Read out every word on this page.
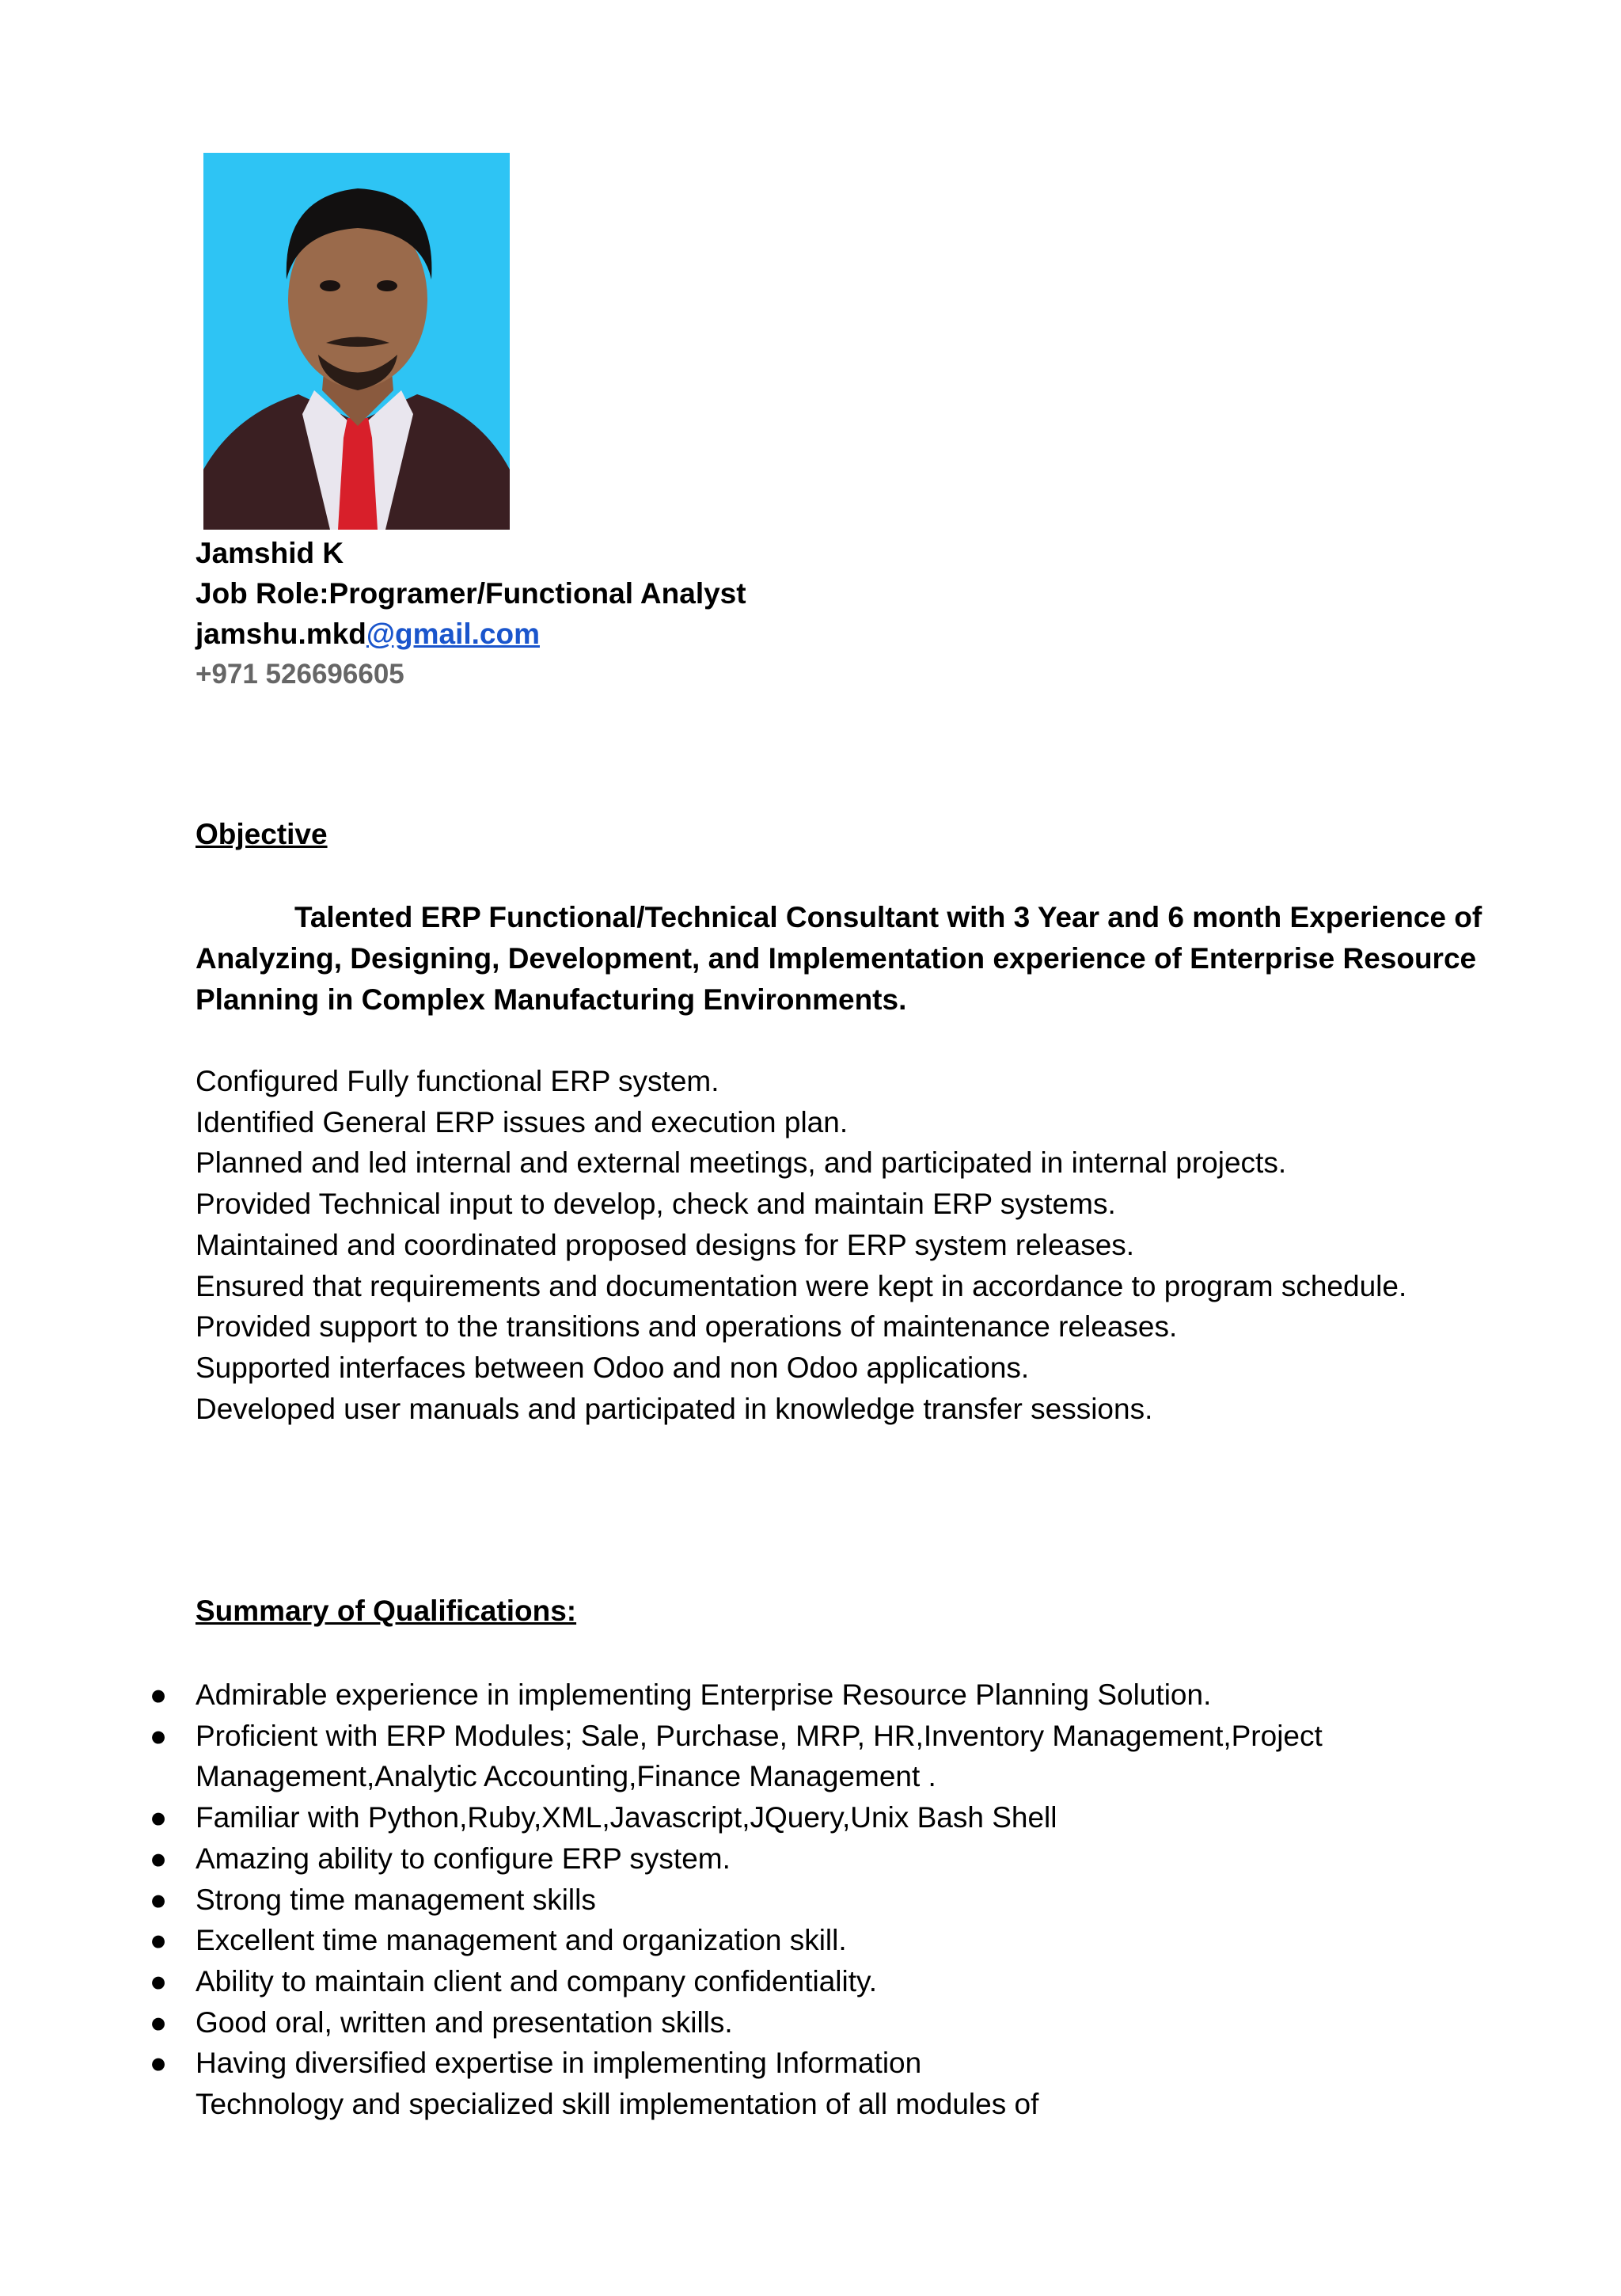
Jamshid K
Job Role:Programer/Functional Analyst
jamshu.mkd@gmail.com
+971 526696605
Objective
Talented ERP Functional/Technical Consultant with 3 Year and 6 month Experience of Analyzing, Designing, Development, and Implementation experience of Enterprise Resource Planning in Complex Manufacturing Environments.
Configured Fully functional ERP system.
Identified General ERP issues and execution plan.
Planned and led internal and external meetings, and participated in internal projects.
Provided Technical input to develop, check and maintain ERP systems.
Maintained and coordinated proposed designs for ERP system releases.
Ensured that requirements and documentation were kept in accordance to program schedule.
Provided support to the transitions and operations of maintenance releases.
Supported interfaces between Odoo and non Odoo applications.
Developed user manuals and participated in knowledge transfer sessions.
Summary of Qualifications:
● Admirable experience in implementing Enterprise Resource Planning Solution.
● Proficient with ERP Modules; Sale, Purchase, MRP, HR,Inventory Management,Project Management,Analytic Accounting,Finance Management .
● Familiar with Python,Ruby,XML,Javascript,JQuery,Unix Bash Shell
● Amazing ability to configure ERP system.
● Strong time management skills
● Excellent time management and organization skill.
● Ability to maintain client and company confidentiality.
● Good oral, written and presentation skills.
● Having diversified expertise in implementing Information
Technology and specialized skill implementation of all modules of
